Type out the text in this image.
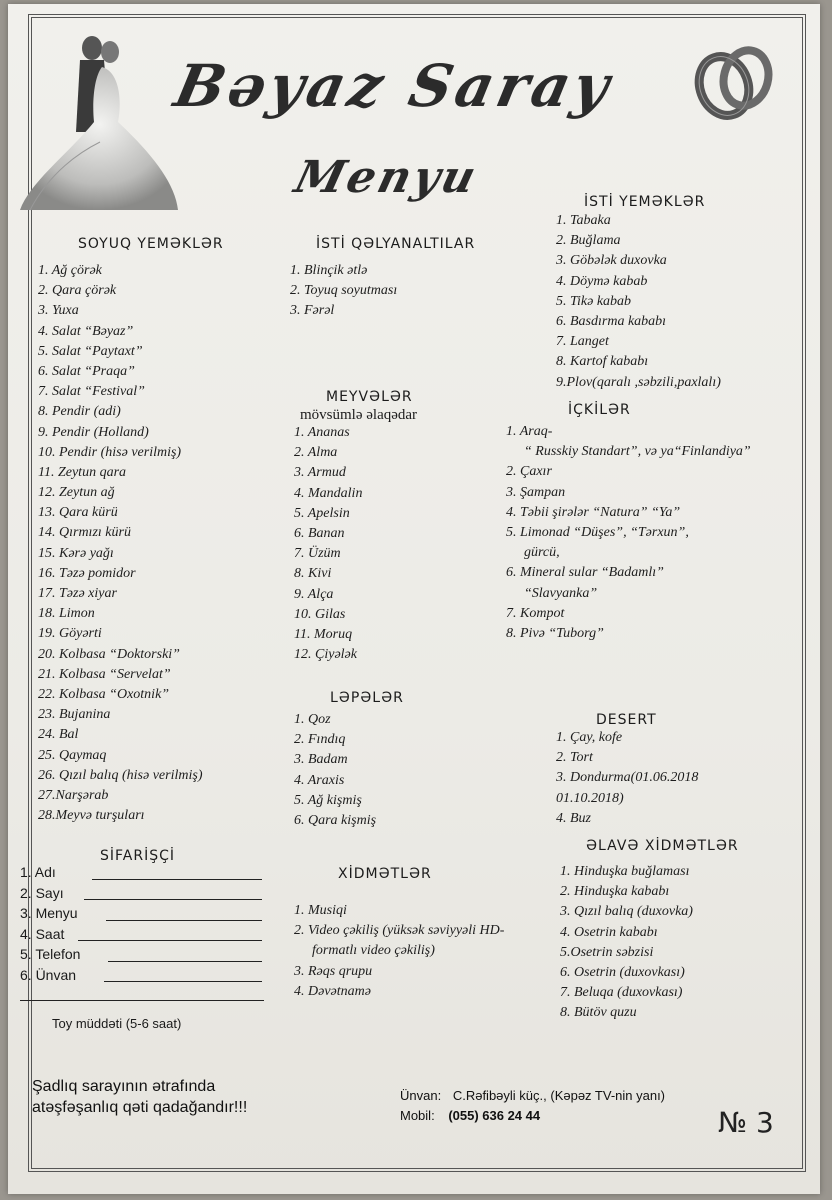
Bəyaz Saray
Menyu
SOYUQ YEMƏKLƏR
1. Ağ çörək
2. Qara çörək
3. Yuxa
4. Salat “Bəyaz”
5. Salat “Paytaxt”
6. Salat “Praqa”
7. Salat “Festival”
8. Pendir (adi)
9. Pendir (Holland)
10. Pendir (hisə verilmiş)
11. Zeytun qara
12. Zeytun ağ
13. Qara kürü
14. Qırmızı kürü
15. Kərə yağı
16. Təzə pomidor
17. Təzə xiyar
18. Limon
19. Göyərti
20. Kolbasa “Doktorski”
21. Kolbasa “Servelat”
22. Kolbasa “Oxotnik”
23. Bujanina
24. Bal
25. Qaymaq
26. Qızıl balıq (hisə verilmiş)
27.Narşərab
28.Meyvə turşuları
İSTİ QƏLYANALTILAR
1. Blinçik ətlə
2. Toyuq soyutması
3. Fərəl
MEYVƏLƏR
mövsümlə əlaqədar
1. Ananas
2. Alma
3. Armud
4. Mandalin
5. Apelsin
6. Banan
7. Üzüm
8. Kivi
9. Alça
10. Gilas
11. Moruq
12. Çiyələk
LƏPƏLƏR
1. Qoz
2. Fındıq
3. Badam
4. Araxis
5. Ağ kişmiş
6. Qara kişmiş
XİDMƏTLƏR
1. Musiqi
2. Video çəkiliş (yüksək səviyyəli HD-
formatlı video çəkiliş)
3. Rəqs qrupu
4. Dəvətnamə
İSTİ YEMƏKLƏR
1. Tabaka
2. Buğlama
3. Göbələk duxovka
4. Döymə kabab
5. Tikə kabab
6. Basdırma kababı
7. Langet
8. Kartof kababı
9.Plov(qaralı ,səbzili,paxlalı)
İÇKİLƏR
1. Araq-
“ Russkiy Standart”, və ya“Finlandiya”
2. Çaxır
3. Şampan
4. Təbii şirələr “Natura” “Ya”
5. Limonad “Düşes”, “Tərxun”,
gürcü,
6. Mineral sular “Badamlı”
“Slavyanka”
7. Kompot
8. Pivə “Tuborg”
DESERT
1. Çay, kofe
2. Tort
3. Dondurma(01.06.2018
01.10.2018)
4. Buz
ƏLAVƏ XİDMƏTLƏR
1. Hinduşka buğlaması
2. Hinduşka kababı
3. Qızıl balıq (duxovka)
4. Osetrin kababı
5.Osetrin səbzisi
6. Osetrin (duxovkası)
7. Beluqa (duxovkası)
8. Bütöv quzu
SİFARİŞÇİ
1. Adı
2. Sayı
3. Menyu
4. Saat
5. Telefon
6. Ünvan
Toy müddəti (5-6 saat)
Şadlıq sarayının ətrafında
atəşfəşanlıq qəti qadağandır!!!
Ünvan: C.Rəfibəyli küç., (Kəpəz TV-nin yanı)
Mobil: (055) 636 24 44	№ 3
